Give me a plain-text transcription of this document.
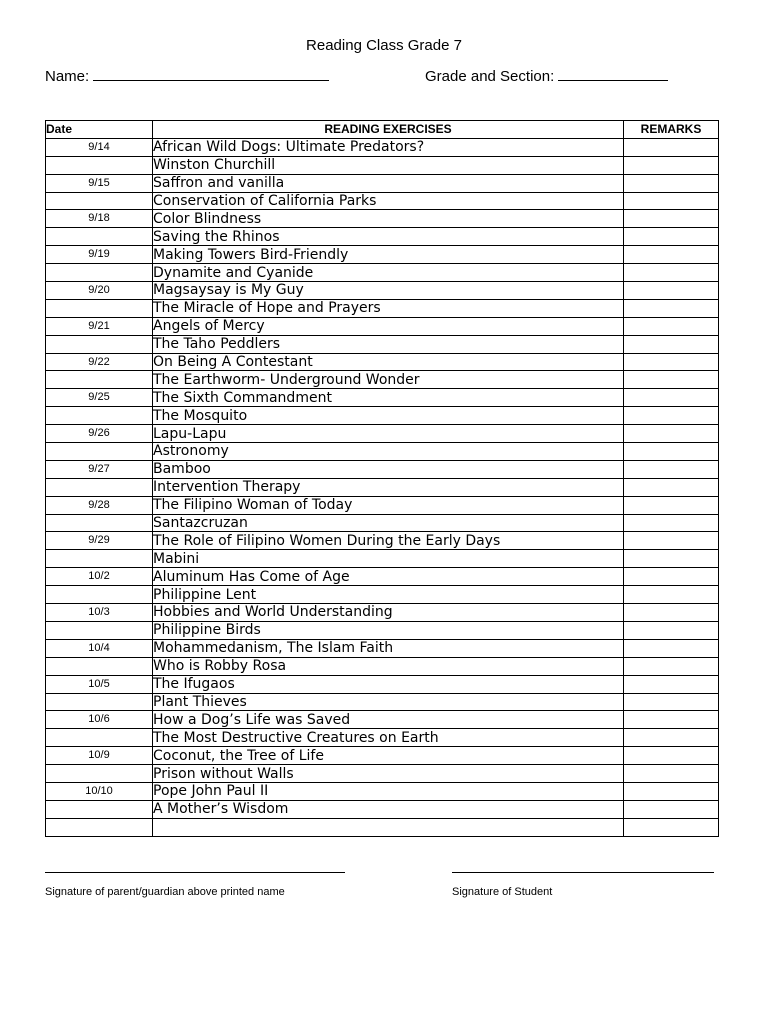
Reading Class Grade 7
Name:	Grade and Section:
Date	READING EXERCISES	REMARKS
9/14	African Wild Dogs: Ultimate Predators?	
	Winston Churchill	
9/15	Saffron and vanilla	
	Conservation of California Parks	
9/18	Color Blindness	
	Saving the Rhinos	
9/19	Making Towers Bird-Friendly	
	Dynamite and Cyanide	
9/20	Magsaysay is My Guy	
	The Miracle of Hope and Prayers	
9/21	Angels of Mercy	
	The Taho Peddlers	
9/22	On Being A Contestant	
	The Earthworm- Underground Wonder	
9/25	The Sixth Commandment	
	The Mosquito	
9/26	Lapu-Lapu	
	Astronomy	
9/27	Bamboo	
	Intervention Therapy	
9/28	The Filipino Woman of Today	
	Santazcruzan	
9/29	The Role of Filipino Women During the Early Days	
	Mabini	
10/2	Aluminum Has Come of Age	
	Philippine Lent	
10/3	Hobbies and World Understanding	
	Philippine Birds	
10/4	Mohammedanism, The Islam Faith	
	Who is Robby Rosa	
10/5	The Ifugaos	
	Plant Thieves	
10/6	How a Dog’s Life was Saved	
	The Most Destructive Creatures on Earth	
10/9	Coconut, the Tree of Life	
	Prison without Walls	
10/10	Pope John Paul II	
	A Mother’s Wisdom	

Signature of parent/guardian above printed name	Signature of Student
